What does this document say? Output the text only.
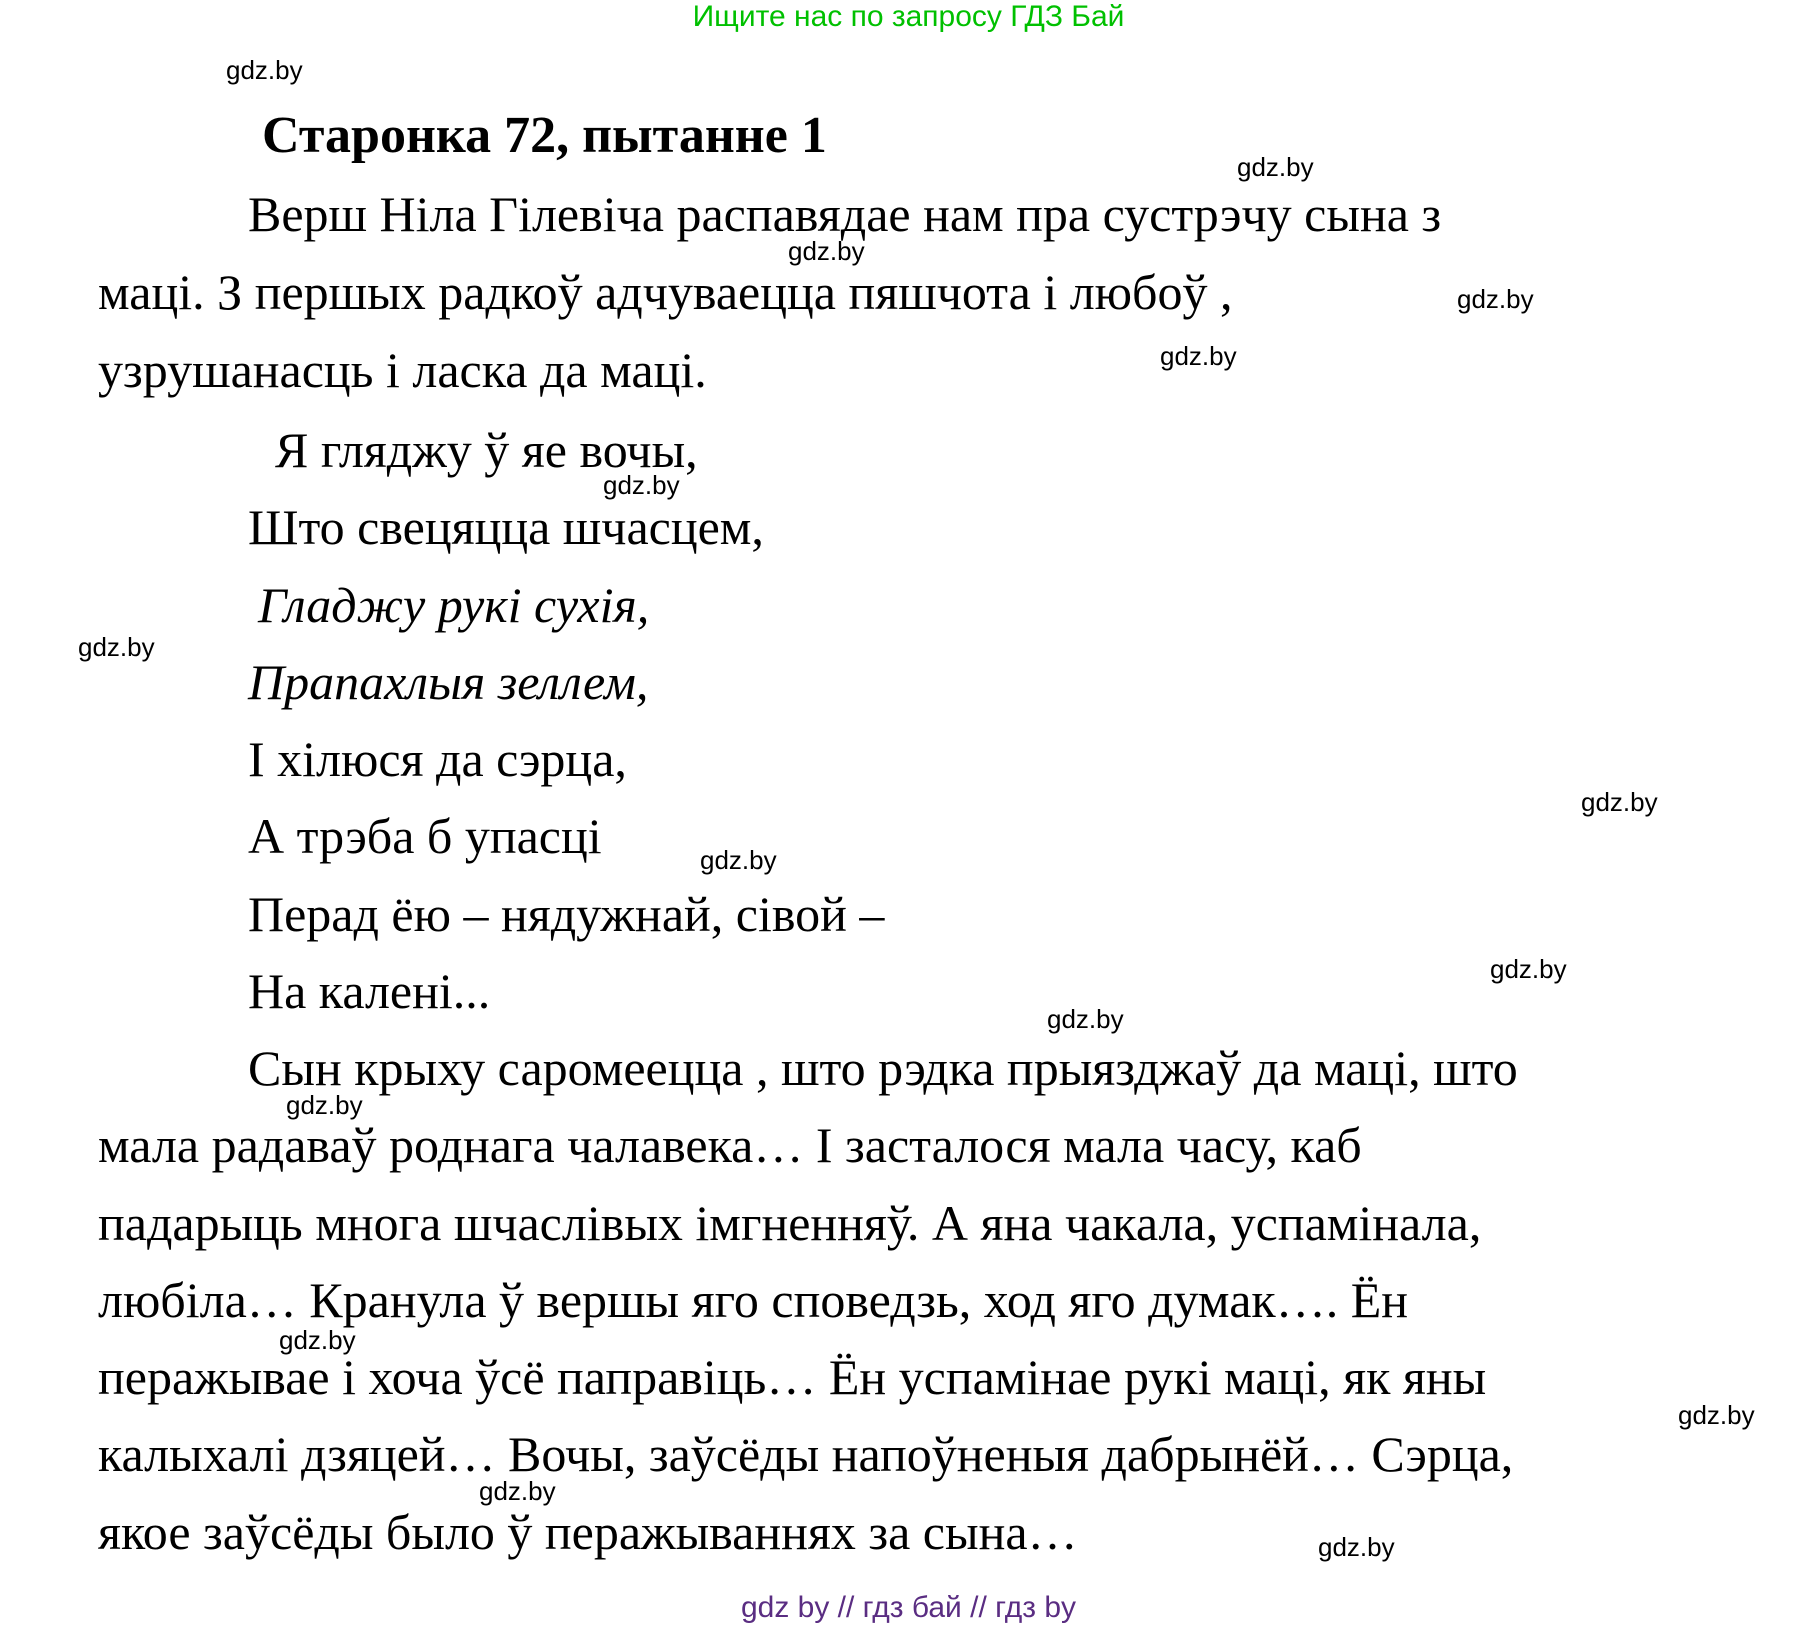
Ищите нас по запросу ГДЗ Бай
gdz.by
gdz.by
gdz.by
gdz.by
gdz.by
gdz.by
gdz.by
gdz.by
gdz.by
gdz.by
gdz.by
gdz.by
gdz.by
gdz.by
gdz.by
gdz.by
Старонка 72, пытанне 1
Верш Ніла Гілевіча распавядае нам пра сустрэчу сына з
маці. З першых радкоў адчуваецца пяшчота і любоў ,
узрушанасць і ласка да маці.
Я гляджу ў яе вочы,
Што свецяцца шчасцем,
Гладжу рукі сухія,
Прапахлыя зеллем,
І хілюся да сэрца,
А трэба б упасці
Перад ёю – нядужнай, сівой –
На калені...
Сын крыху саромеецца , што рэдка прыязджаў да маці, што
мала радаваў роднага чалавека… І засталося мала часу, каб
падарыць многа шчаслівых імгненняў. А яна чакала, успамінала,
любіла… Кранула ў вершы яго споведзь, ход яго думак…. Ён
перажывае і хоча ўсё паправіць… Ён успамінае рукі маці, як яны
калыхалі дзяцей… Вочы, заўсёды напоўненыя дабрынёй… Сэрца,
якое заўсёды было ў перажываннях за сына…
gdz by // гдз бай // гдз by
